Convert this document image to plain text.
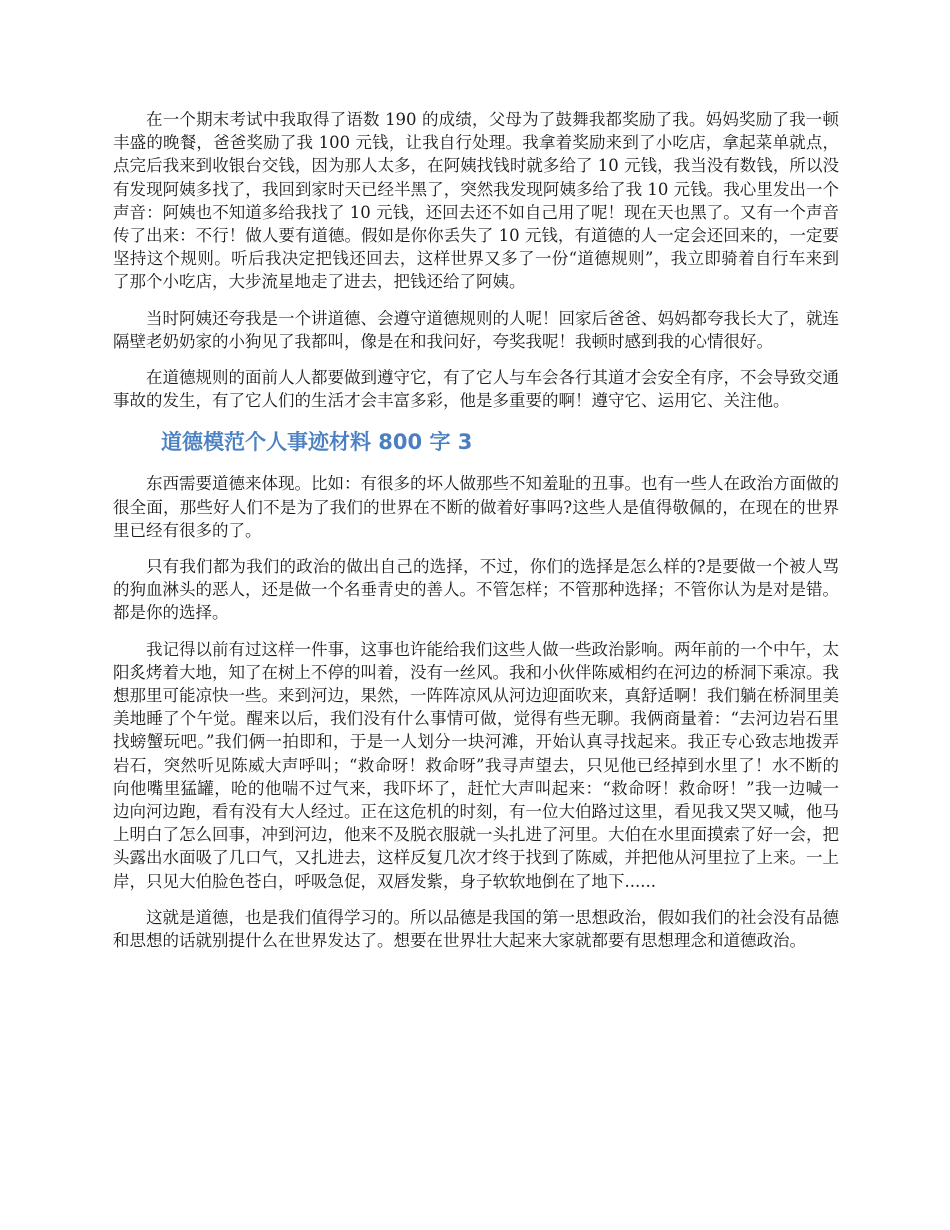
在一个期末考试中我取得了语数 190 的成绩，父母为了鼓舞我都奖励了我。妈妈奖励了我一顿丰盛的晚餐，爸爸奖励了我 100 元钱，让我自行处理。我拿着奖励来到了小吃店，拿起菜单就点，点完后我来到收银台交钱，因为那人太多，在阿姨找钱时就多给了 10 元钱，我当没有数钱，所以没有发现阿姨多找了，我回到家时天已经半黑了，突然我发现阿姨多给了我 10 元钱。我心里发出一个声音：阿姨也不知道多给我找了 10 元钱，还回去还不如自己用了呢！现在天也黑了。又有一个声音传了出来：不行！做人要有道德。假如是你你丢失了 10 元钱，有道德的人一定会还回来的，一定要坚持这个规则。听后我决定把钱还回去，这样世界又多了一份“道德规则”，我立即骑着自行车来到了那个小吃店，大步流星地走了进去，把钱还给了阿姨。

当时阿姨还夸我是一个讲道德、会遵守道德规则的人呢！回家后爸爸、妈妈都夸我长大了，就连隔壁老奶奶家的小狗见了我都叫，像是在和我问好，夸奖我呢！我顿时感到我的心情很好。

在道德规则的面前人人都要做到遵守它，有了它人与车会各行其道才会安全有序，不会导致交通事故的发生，有了它人们的生活才会丰富多彩，他是多重要的啊！遵守它、运用它、关注他。

道德模范个人事迹材料 800 字 3

东西需要道德来体现。比如：有很多的坏人做那些不知羞耻的丑事。也有一些人在政治方面做的很全面，那些好人们不是为了我们的世界在不断的做着好事吗?这些人是值得敬佩的，在现在的世界里已经有很多的了。

只有我们都为我们的政治的做出自己的选择，不过，你们的选择是怎么样的?是要做一个被人骂的狗血淋头的恶人，还是做一个名垂青史的善人。不管怎样；不管那种选择；不管你认为是对是错。都是你的选择。

我记得以前有过这样一件事，这事也许能给我们这些人做一些政治影响。两年前的一个中午，太阳炙烤着大地，知了在树上不停的叫着，没有一丝风。我和小伙伴陈威相约在河边的桥洞下乘凉。我想那里可能凉快一些。来到河边，果然，一阵阵凉风从河边迎面吹来，真舒适啊！我们躺在桥洞里美美地睡了个午觉。醒来以后，我们没有什么事情可做，觉得有些无聊。我俩商量着：“去河边岩石里找螃蟹玩吧。”我们俩一拍即和，于是一人划分一块河滩，开始认真寻找起来。我正专心致志地拨弄岩石，突然听见陈威大声呼叫；“救命呀！救命呀”我寻声望去，只见他已经掉到水里了！水不断的向他嘴里猛罐，呛的他喘不过气来，我吓坏了，赶忙大声叫起来：“救命呀！救命呀！”我一边喊一边向河边跑，看有没有大人经过。正在这危机的时刻，有一位大伯路过这里，看见我又哭又喊，他马上明白了怎么回事，冲到河边，他来不及脱衣服就一头扎进了河里。大伯在水里面摸索了好一会，把头露出水面吸了几口气，又扎进去，这样反复几次才终于找到了陈威，并把他从河里拉了上来。一上岸，只见大伯脸色苍白，呼吸急促，双唇发紫，身子软软地倒在了地下......

这就是道德，也是我们值得学习的。所以品德是我国的第一思想政治，假如我们的社会没有品德和思想的话就别提什么在世界发达了。想要在世界壮大起来大家就都要有思想理念和道德政治。
